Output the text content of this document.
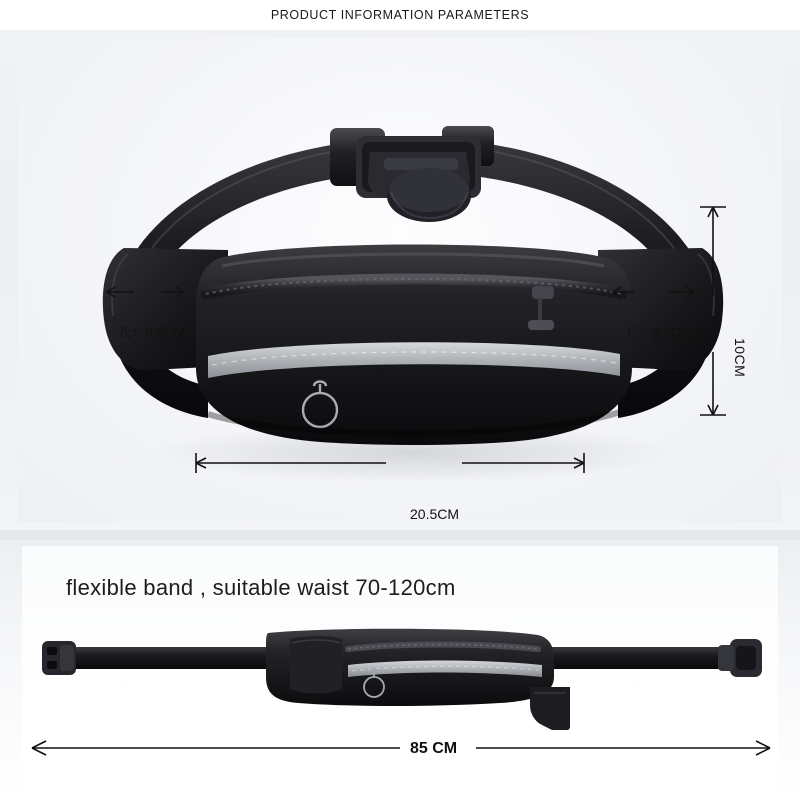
PRODUCT INFORMATION PARAMETERS
长：9.5CM	长：9.5CM
20.5CM
10CM
flexible band , suitable waist 70-120cm
85 CM
